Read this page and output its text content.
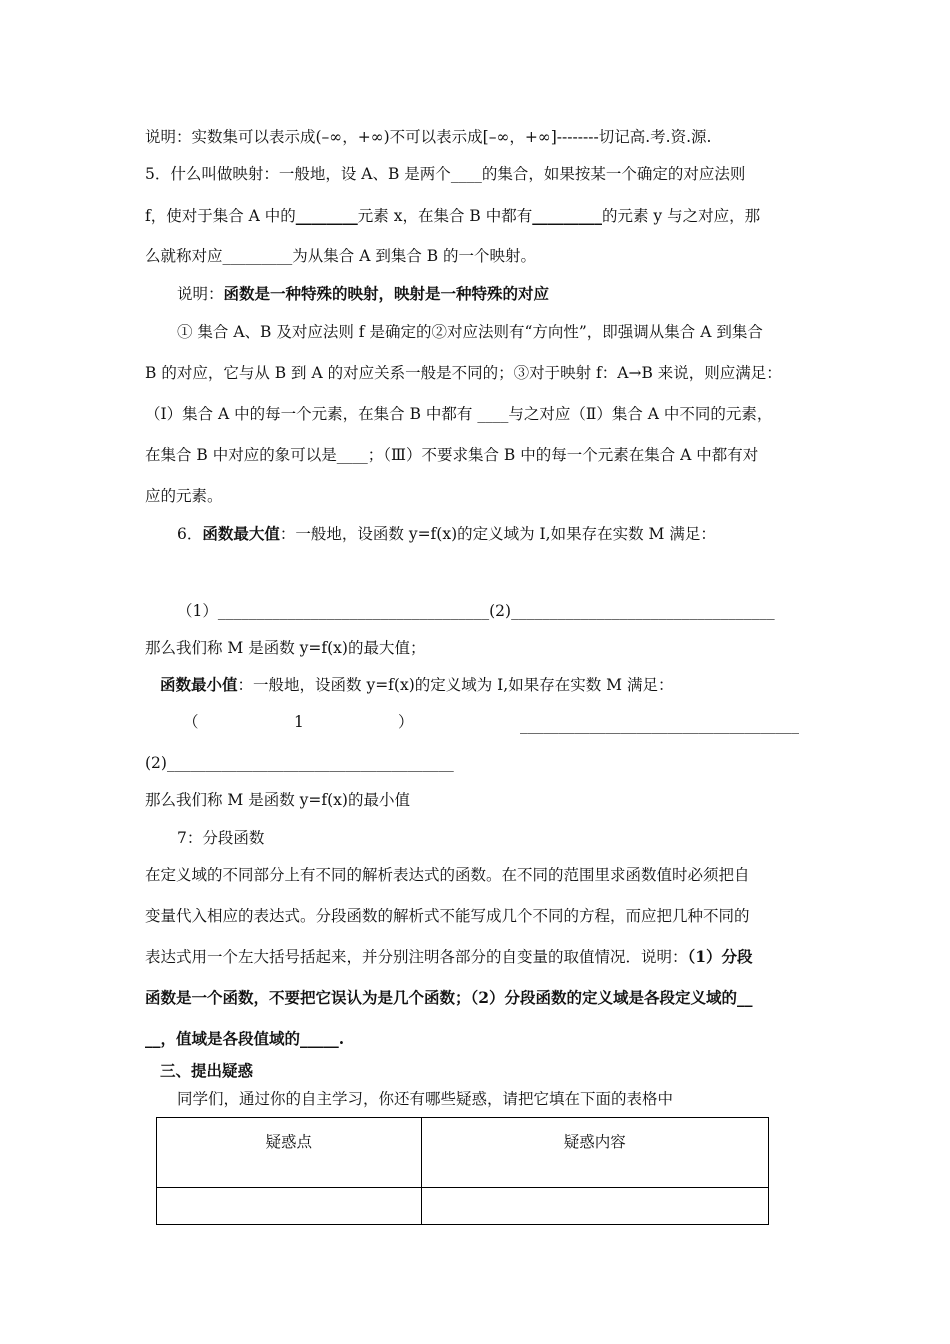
说明：实数集可以表示成(–∞，+∞)不可以表示成[–∞，+∞]--------切记高.考.资.源.
5．什么叫做映射：一般地，设 A、B 是两个____的集合，如果按某一个确定的对应法则
f，使对于集合 A 中的________元素 x，在集合 B 中都有_________的元素 y 与之对应，那
么就称对应_________为从集合 A 到集合 B 的一个映射。
说明：函数是一种特殊的映射，映射是一种特殊的对应
① 集合 A、B 及对应法则 f 是确定的②对应法则有“方向性”，即强调从集合 A 到集合
B 的对应，它与从 B 到 A 的对应关系一般是不同的；③对于映射 f：A→B 来说，则应满足：
（Ⅰ）集合 A 中的每一个元素，在集合 B 中都有 ____与之对应（Ⅱ）集合 A 中不同的元素，
在集合 B 中对应的象可以是____；（Ⅲ）不要求集合 B 中的每一个元素在集合 A 中都有对
应的元素。
6．函数最大值：一般地，设函数 y=f(x)的定义域为 I,如果存在实数 M 满足：
（1）___________________________________(2)__________________________________
那么我们称 M 是函数 y=f(x)的最大值；
函数最小值：一般地，设函数 y=f(x)的定义域为 I,如果存在实数 M 满足：
（	1	）	____________________________________
(2)_____________________________________
那么我们称 M 是函数 y=f(x)的最小值
7：分段函数
在定义域的不同部分上有不同的解析表达式的函数。在不同的范围里求函数值时必须把自
变量代入相应的表达式。分段函数的解析式不能写成几个不同的方程，而应把几种不同的
表达式用一个左大括号括起来，并分别注明各部分的自变量的取值情况．说明：（1）分段
函数是一个函数，不要把它误认为是几个函数；（2）分段函数的定义域是各段定义域的__
__，值域是各段值域的_____.
三、提出疑惑
同学们，通过你的自主学习，你还有哪些疑惑，请把它填在下面的表格中
疑惑点	疑惑内容
